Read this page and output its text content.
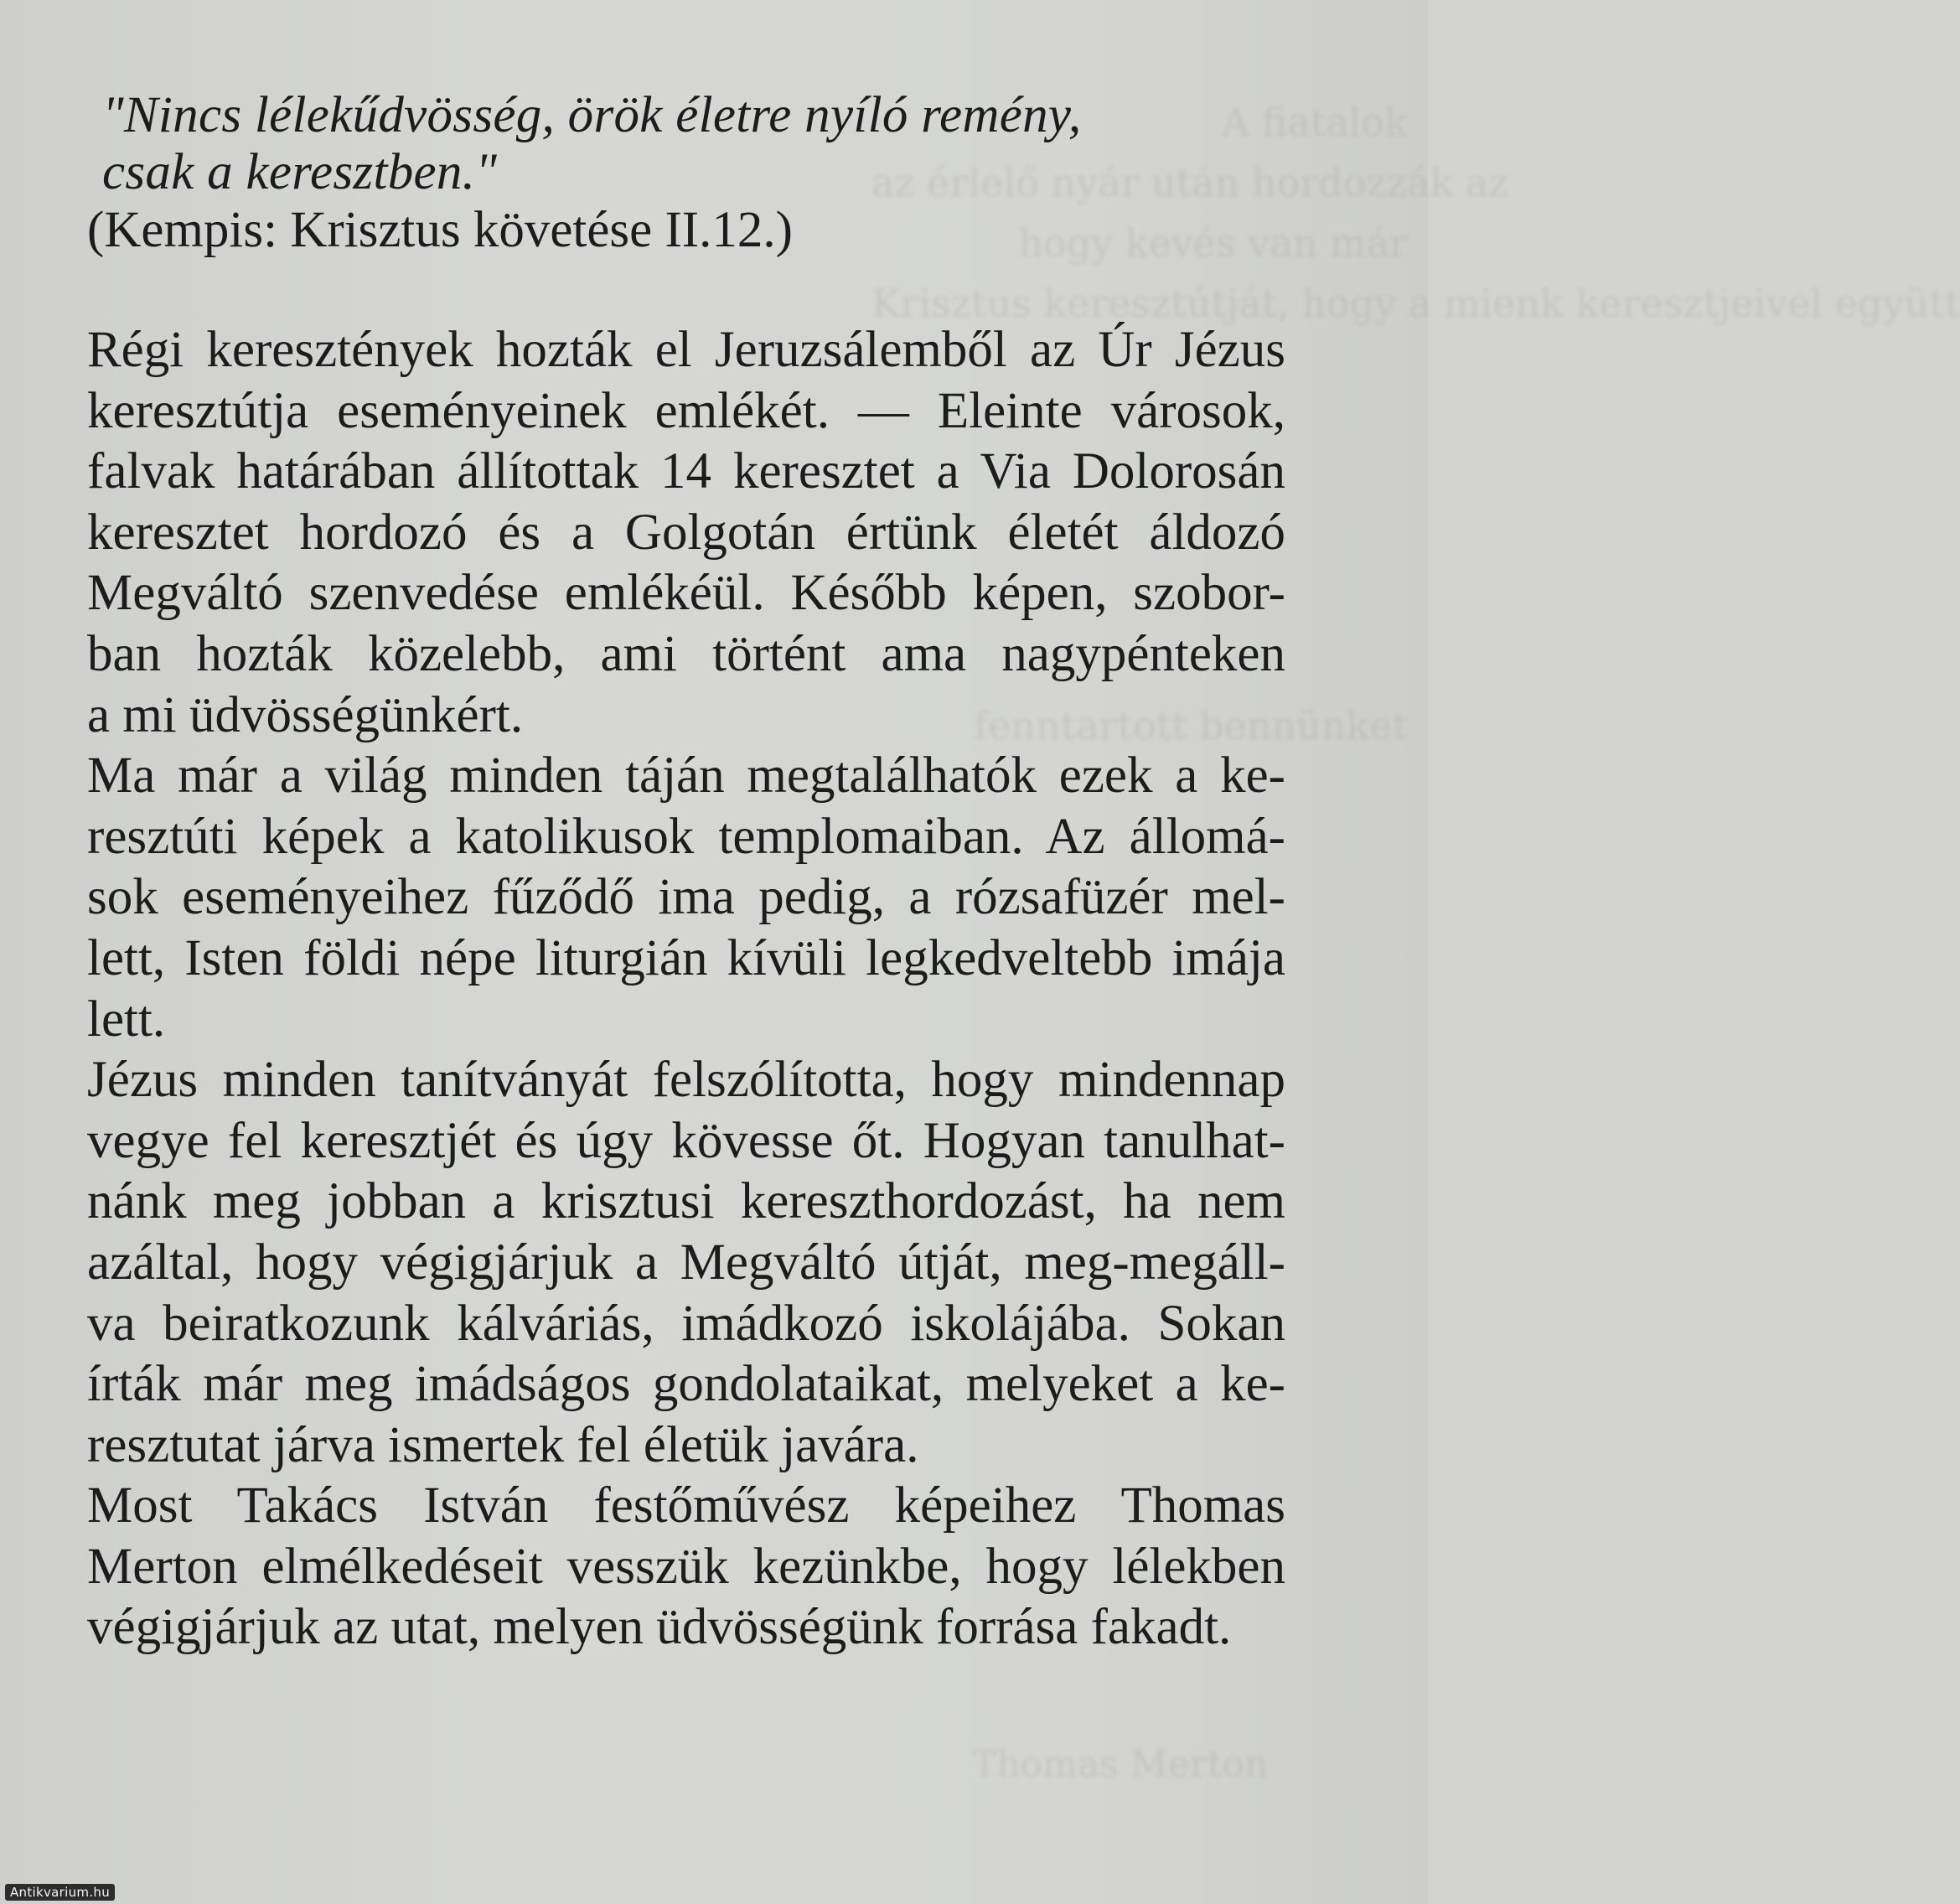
A fiatalok
az érlelő nyár után hordozzák az
hogy kevés van már
Krisztus keresztútját, hogy a mienk keresztjeivel együtt

fenntartott bennünket

Thomas Merton
"Nincs lélekűdvösség, örök életre nyíló remény,
csak a keresztben."
(Kempis: Krisztus követése II.12.)
Régi keresztények hozták el Jeruzsálemből az Úr Jézus
keresztútja eseményeinek emlékét. — Eleinte városok,
falvak határában állítottak 14 keresztet a Via Dolorosán
keresztet hordozó és a Golgotán értünk életét áldozó
Megváltó szenvedése emlékéül. Később képen, szobor-
ban hozták közelebb, ami történt ama nagypénteken
a mi üdvösségünkért.
Ma már a világ minden táján megtalálhatók ezek a ke-
resztúti képek a katolikusok templomaiban. Az állomá-
sok eseményeihez fűződő ima pedig, a rózsafüzér mel-
lett, Isten földi népe liturgián kívüli legkedveltebb imája
lett.
Jézus minden tanítványát felszólította, hogy mindennap
vegye fel keresztjét és úgy kövesse őt. Hogyan tanulhat-
nánk meg jobban a krisztusi kereszthordozást, ha nem
azáltal, hogy végigjárjuk a Megváltó útját, meg-megáll-
va beiratkozunk kálváriás, imádkozó iskolájába. Sokan
írták már meg imádságos gondolataikat, melyeket a ke-
resztutat járva ismertek fel életük javára.
Most Takács István festőművész képeihez Thomas
Merton elmélkedéseit vesszük kezünkbe, hogy lélekben
végigjárjuk az utat, melyen üdvösségünk forrása fakadt.
Antikvarium.hu
